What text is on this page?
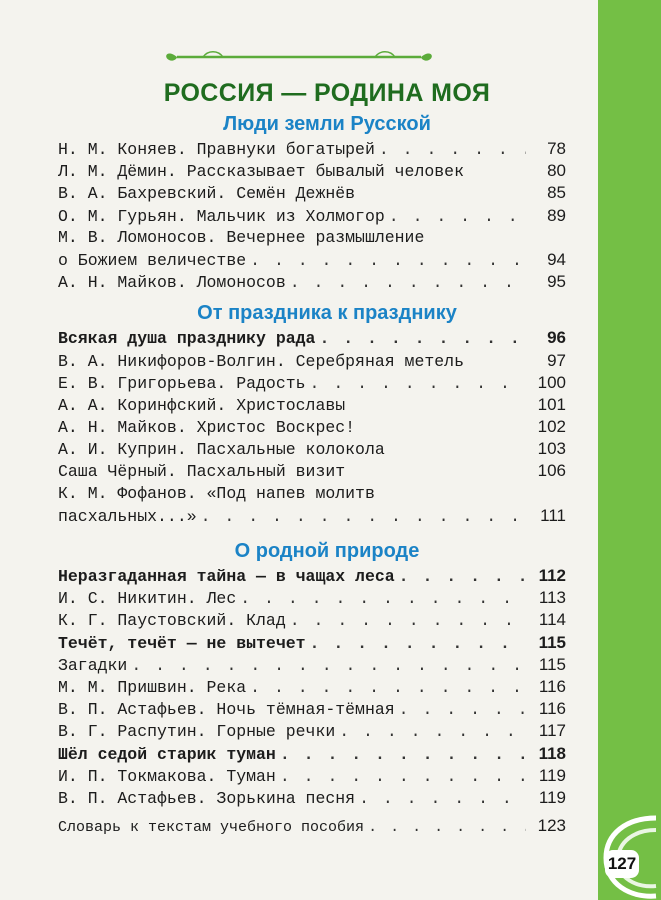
РОССИЯ — РОДИНА МОЯ
Люди земли Русской
Н. М. Коняев. Правнуки богатырей . . .	78
Л. М. Дёмин. Рассказывает бывалый человек	80
В. А. Бахревский. Семён Дежнёв	85
О. М. Гурьян. Мальчик из Холмогор . . .	89
М. В. Ломоносов. Вечернее размышление
о Божием величестве . . .	94
А. Н. Майков. Ломоносов . . .	95
От праздника к празднику
Всякая душа празднику рада . . .	96
В. А. Никифоров-Волгин. Серебряная метель	97
Е. В. Григорьева. Радость . . .	100
А. А. Коринфский. Христославы	101
А. Н. Майков. Христос Воскрес!	102
А. И. Куприн. Пасхальные колокола	103
Саша Чёрный. Пасхальный визит	106
К. М. Фофанов. «Под напев молитв
пасхальных...» . . .	111
О родной природе
Неразгаданная тайна — в чащах леса . . .	112
И. С. Никитин. Лес . . .	113
К. Г. Паустовский. Клад . . .	114
Течёт, течёт — не вытечет . . .	115
Загадки . . .	115
М. М. Пришвин. Река . . .	116
В. П. Астафьев. Ночь тёмная-тёмная . . .	116
В. Г. Распутин. Горные речки . . .	117
Шёл седой старик туман . . .	118
И. П. Токмакова. Туман . . .	119
В. П. Астафьев. Зорькина песня . . .	119
Словарь к текстам учебного пособия . . .	123
127
